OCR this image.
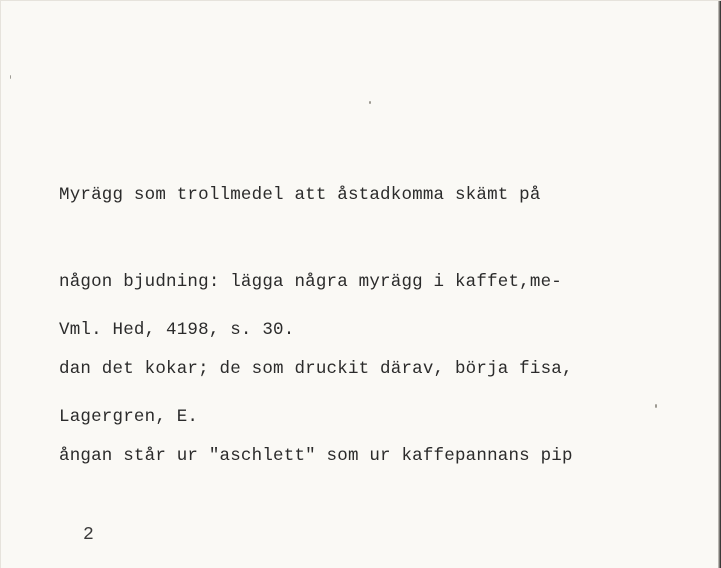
Myrägg som trollmedel att åstadkomma skämt på

någon bjudning: lägga några myrägg i kaffet,me-

dan det kokar; de som druckit därav, börja fisa,

ångan står ur "aschlett" som ur kaffepannans pip

Vml. Hed, 4198, s. 30.

Lagergren, E.

2
